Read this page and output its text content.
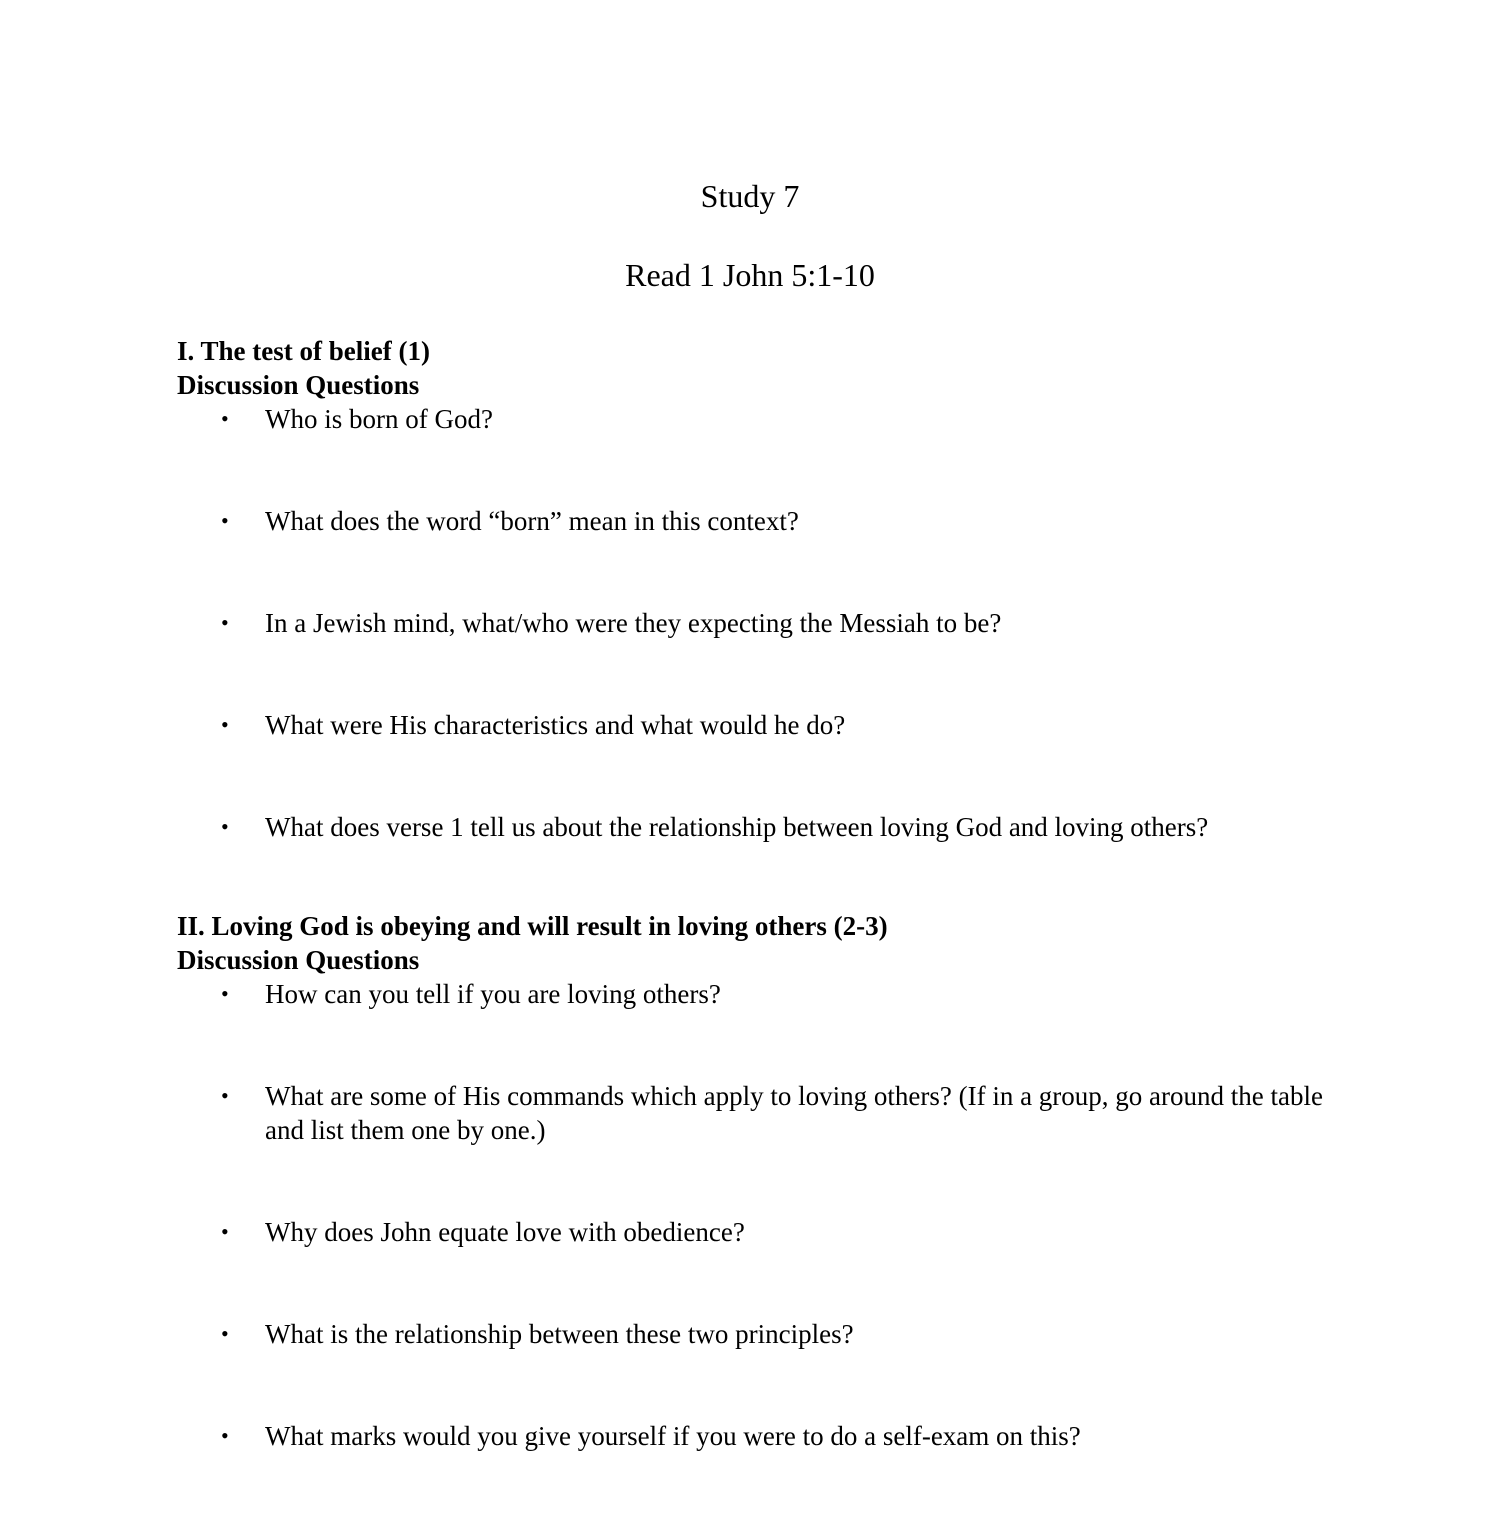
Study 7
Read 1 John 5:1-10

I. The test of belief (1)

Discussion Questions

• Who is born of God?
• What does the word “born” mean in this context?
• In a Jewish mind, what/who were they expecting the Messiah to be?
• What were His characteristics and what would he do?
• What does verse 1 tell us about the relationship between loving God and loving others?

II. Loving God is obeying and will result in loving others (2-3)

Discussion Questions

• How can you tell if you are loving others?
• What are some of His commands which apply to loving others? (If in a group, go around the table and list them one by one.)
• Why does John equate love with obedience?
• What is the relationship between these two principles?
• What marks would you give yourself if you were to do a self-exam on this?
